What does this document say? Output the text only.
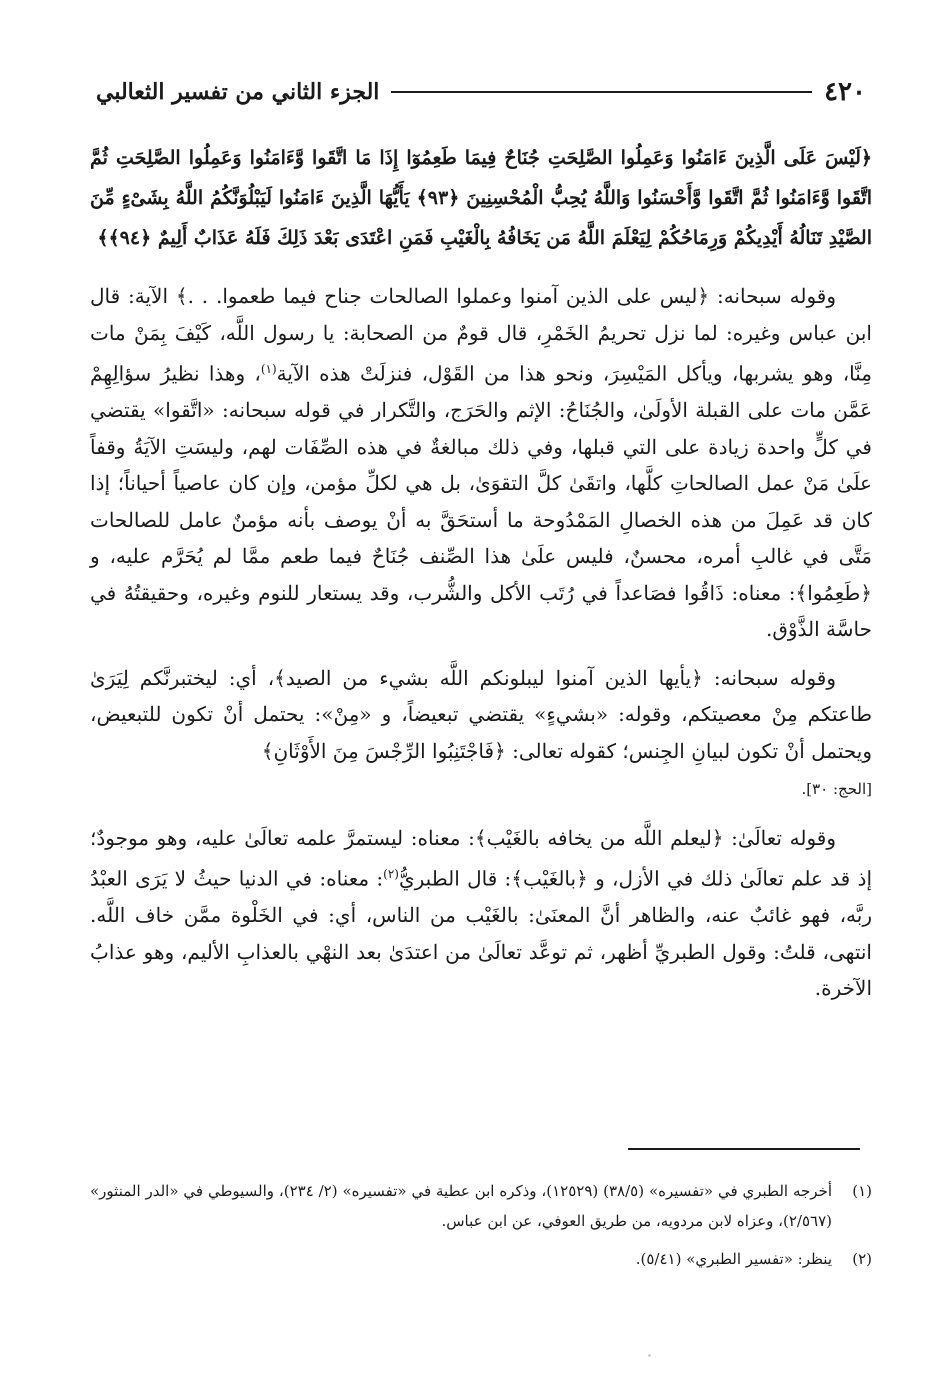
٤٢٠
الجزء الثاني من تفسير الثعالبي
﴿لَيْسَ عَلَى الَّذِينَ ءَامَنُوا وَعَمِلُوا الصَّلِحَتِ جُنَاحٌ فِيمَا طَعِمُوٓا إِذَا مَا اتَّقَوا وَّءَامَنُوا وَعَمِلُوا الصَّلِحَتِ ثُمَّ اتَّقَوا وَّءَامَنُوا ثُمَّ اتَّقَوا وَّأَحْسَنُوا وَاللَّهُ يُحِبُّ الْمُحْسِنِينَ ﴿٩٣﴾ يَأَيُّهَا الَّذِينَ ءَامَنُوا لَيَبْلُوَنَّكُمُ اللَّهُ بِشَىْءٍ مِّنَ الصَّيْدِ تَنَالُهُ أَيْدِيكُمْ وَرِمَاحُكُمْ لِيَعْلَمَ اللَّهُ مَن يَخَافُهُ بِالْغَيْبِ فَمَنِ اعْتَدَى بَعْدَ ذَلِكَ فَلَهُ عَذَابٌ أَلِيمٌ ﴿٩٤﴾﴾

وقوله سبحانه: ﴿ليس على الذين آمنوا وعملوا الصالحات جناح فيما طعموا. . .﴾ الآية: قال ابن عباس وغيره: لما نزل تحريمُ الخَمْرِ، قال قومٌ من الصحابة: يا رسول اللَّه، كَيْفَ بِمَنْ مات مِنَّا، وهو يشربها، ويأكل المَيْسِرَ، ونحو هذا من القَوْل، فنزلَتْ هذه الآية$^{(١)}$، وهذا نظيرُ سؤالِهِمْ عَمَّن مات على القبلة الأولَىٰ، والجُنَاحُ: الإثم والحَرَج، والتَّكرار في قوله سبحانه: «اتَّقوا» يقتضي في كلٍّ واحدة زيادة على التي قبلها، وفي ذلك مبالغةٌ في هذه الصِّفَات لهم، وليسَتِ الآيَةُ وقفاً علَىٰ مَنْ عمل الصالحاتِ كلَّها، واتقَىٰ كلَّ التقوَىٰ، بل هي لكلِّ مؤمن، وإن كان عاصياً أحياناً؛ إذا كان قد عَمِلَ من هذه الخصالِ المَمْدُوحة ما أستحَقَّ به أنْ يوصف بأنه مؤمنٌ عامل للصالحات مَتَّى في غالبِ أمره، محسنٌ، فليس علَىٰ هذا الصِّنف جُنَاحٌ فيما طعم ممَّا لم يُحَرَّم عليه، و ﴿طَعِمُوا﴾: معناه: ذَاقُوا فصَاعداً في رُتَب الأكل والشُّرب، وقد يستعار للنوم وغيره، وحقيقتُهُ في حاسَّة الذَّوْق.

وقوله سبحانه: ﴿يأيها الذين آمنوا ليبلونكم اللَّه بشيء من الصيد﴾، أي: ليختبرنَّكم لِيَرَىٰ طاعتكم مِنْ معصيتكم، وقوله: «بشيءٍ» يقتضي تبعيضاً، و «مِنْ»: يحتمل أنْ تكون للتبعيض، ويحتمل أنْ تكون لبيانِ الجِنس؛ كقوله تعالى: ﴿فَاجْتَنِبُوا الرِّجْسَ مِنَ الأَوْثَانِ﴾
[الحج: ٣٠].

وقوله تعالَىٰ: ﴿ليعلم اللَّه من يخافه بالغَيْب﴾: معناه: ليستمرَّ علمه تعالَىٰ عليه، وهو موجودٌ؛ إذ قد علم تعالَىٰ ذلك في الأزل، و ﴿بالغَيْب﴾: قال الطبريُّ$^{(٢)}$: معناه: في الدنيا حيثُ لا يَرَى العبْدُ ربَّه، فهو غائبٌ عنه، والظاهر أنَّ المعنَىٰ: بالغَيْب من الناس، أي: في الخَلْوة ممَّن خاف اللَّه. انتهى، قلتُ: وقول الطبريِّ أظهر، ثم توعَّد تعالَىٰ من اعتدَىٰ بعد النهْي بالعذابِ الأليم، وهو عذابُ الآخرة.

(١)
أخرجه الطبري في «تفسيره» (٣٨/٥) (١٢٥٢٩)، وذكره ابن عطية في «تفسيره» (٢/ ٢٣٤)، والسيوطي في «الدر المنثور» (٢/٥٦٧)، وعزاه لابن مردويه، من طريق العوفي، عن ابن عباس.
(٢)
ينظر: «تفسير الطبري» (٥/٤١).
